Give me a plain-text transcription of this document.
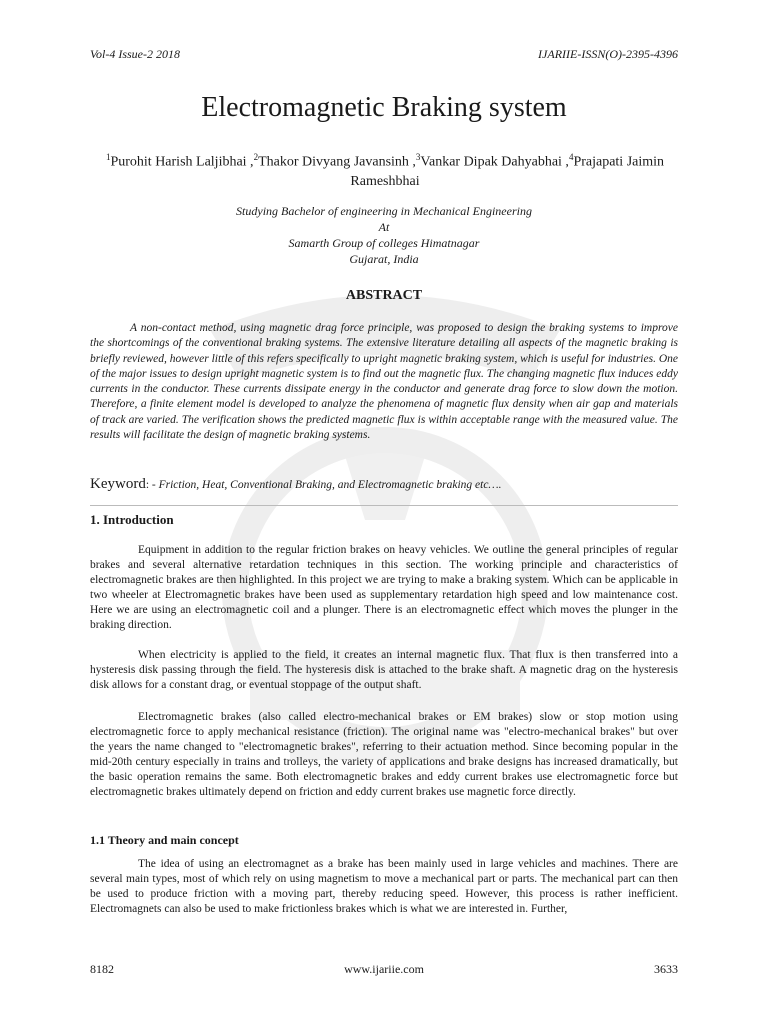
Vol-4 Issue-2 2018	IJARIIE-ISSN(O)-2395-4396
Electromagnetic Braking system
$^1$Purohit Harish Laljibhai ,$^2$Thakor Divyang Javansinh ,$^3$Vankar Dipak Dahyabhai ,$^4$Prajapati Jaimin Rameshbhai
Studying Bachelor of engineering in Mechanical Engineering
At
Samarth Group of colleges Himatnagar
Gujarat, India
ABSTRACT

A non-contact method, using magnetic drag force principle, was proposed to design the braking systems to improve the shortcomings of the conventional braking systems. The extensive literature detailing all aspects of the magnetic braking is briefly reviewed, however little of this refers specifically to upright magnetic braking system, which is useful for industries. One of the major issues to design upright magnetic system is to find out the magnetic flux. The changing magnetic flux induces eddy currents in the conductor. These currents dissipate energy in the conductor and generate drag force to slow down the motion. Therefore, a finite element model is developed to analyze the phenomena of magnetic flux density when air gap and materials of track are varied. The verification shows the predicted magnetic flux is within acceptable range with the measured value. The results will facilitate the design of magnetic braking systems.

Keyword: - Friction, Heat, Conventional Braking, and Electromagnetic braking etc….
1. Introduction

Equipment in addition to the regular friction brakes on heavy vehicles. We outline the general principles of regular brakes and several alternative retardation techniques in this section. The working principle and characteristics of electromagnetic brakes are then highlighted. In this project we are trying to make a braking system. Which can be applicable in two wheeler at Electromagnetic brakes have been used as supplementary retardation high speed and low maintenance cost. Here we are using an electromagnetic coil and a plunger. There is an electromagnetic effect which moves the plunger in the braking direction.

When electricity is applied to the field, it creates an internal magnetic flux. That flux is then transferred into a hysteresis disk passing through the field. The hysteresis disk is attached to the brake shaft. A magnetic drag on the hysteresis disk allows for a constant drag, or eventual stoppage of the output shaft.

Electromagnetic brakes (also called electro-mechanical brakes or EM brakes) slow or stop motion using electromagnetic force to apply mechanical resistance (friction). The original name was "electro-mechanical brakes" but over the years the name changed to "electromagnetic brakes", referring to their actuation method. Since becoming popular in the mid-20th century especially in trains and trolleys, the variety of applications and brake designs has increased dramatically, but the basic operation remains the same. Both electromagnetic brakes and eddy current brakes use electromagnetic force but electromagnetic brakes ultimately depend on friction and eddy current brakes use magnetic force directly.

1.1 Theory and main concept

The idea of using an electromagnet as a brake has been mainly used in large vehicles and machines. There are several main types, most of which rely on using magnetism to move a mechanical part or parts. The mechanical part can then be used to produce friction with a moving part, thereby reducing speed. However, this process is rather inefficient. Electromagnets can also be used to make frictionless brakes which is what we are interested in. Further,

8182	www.ijariie.com	3633
